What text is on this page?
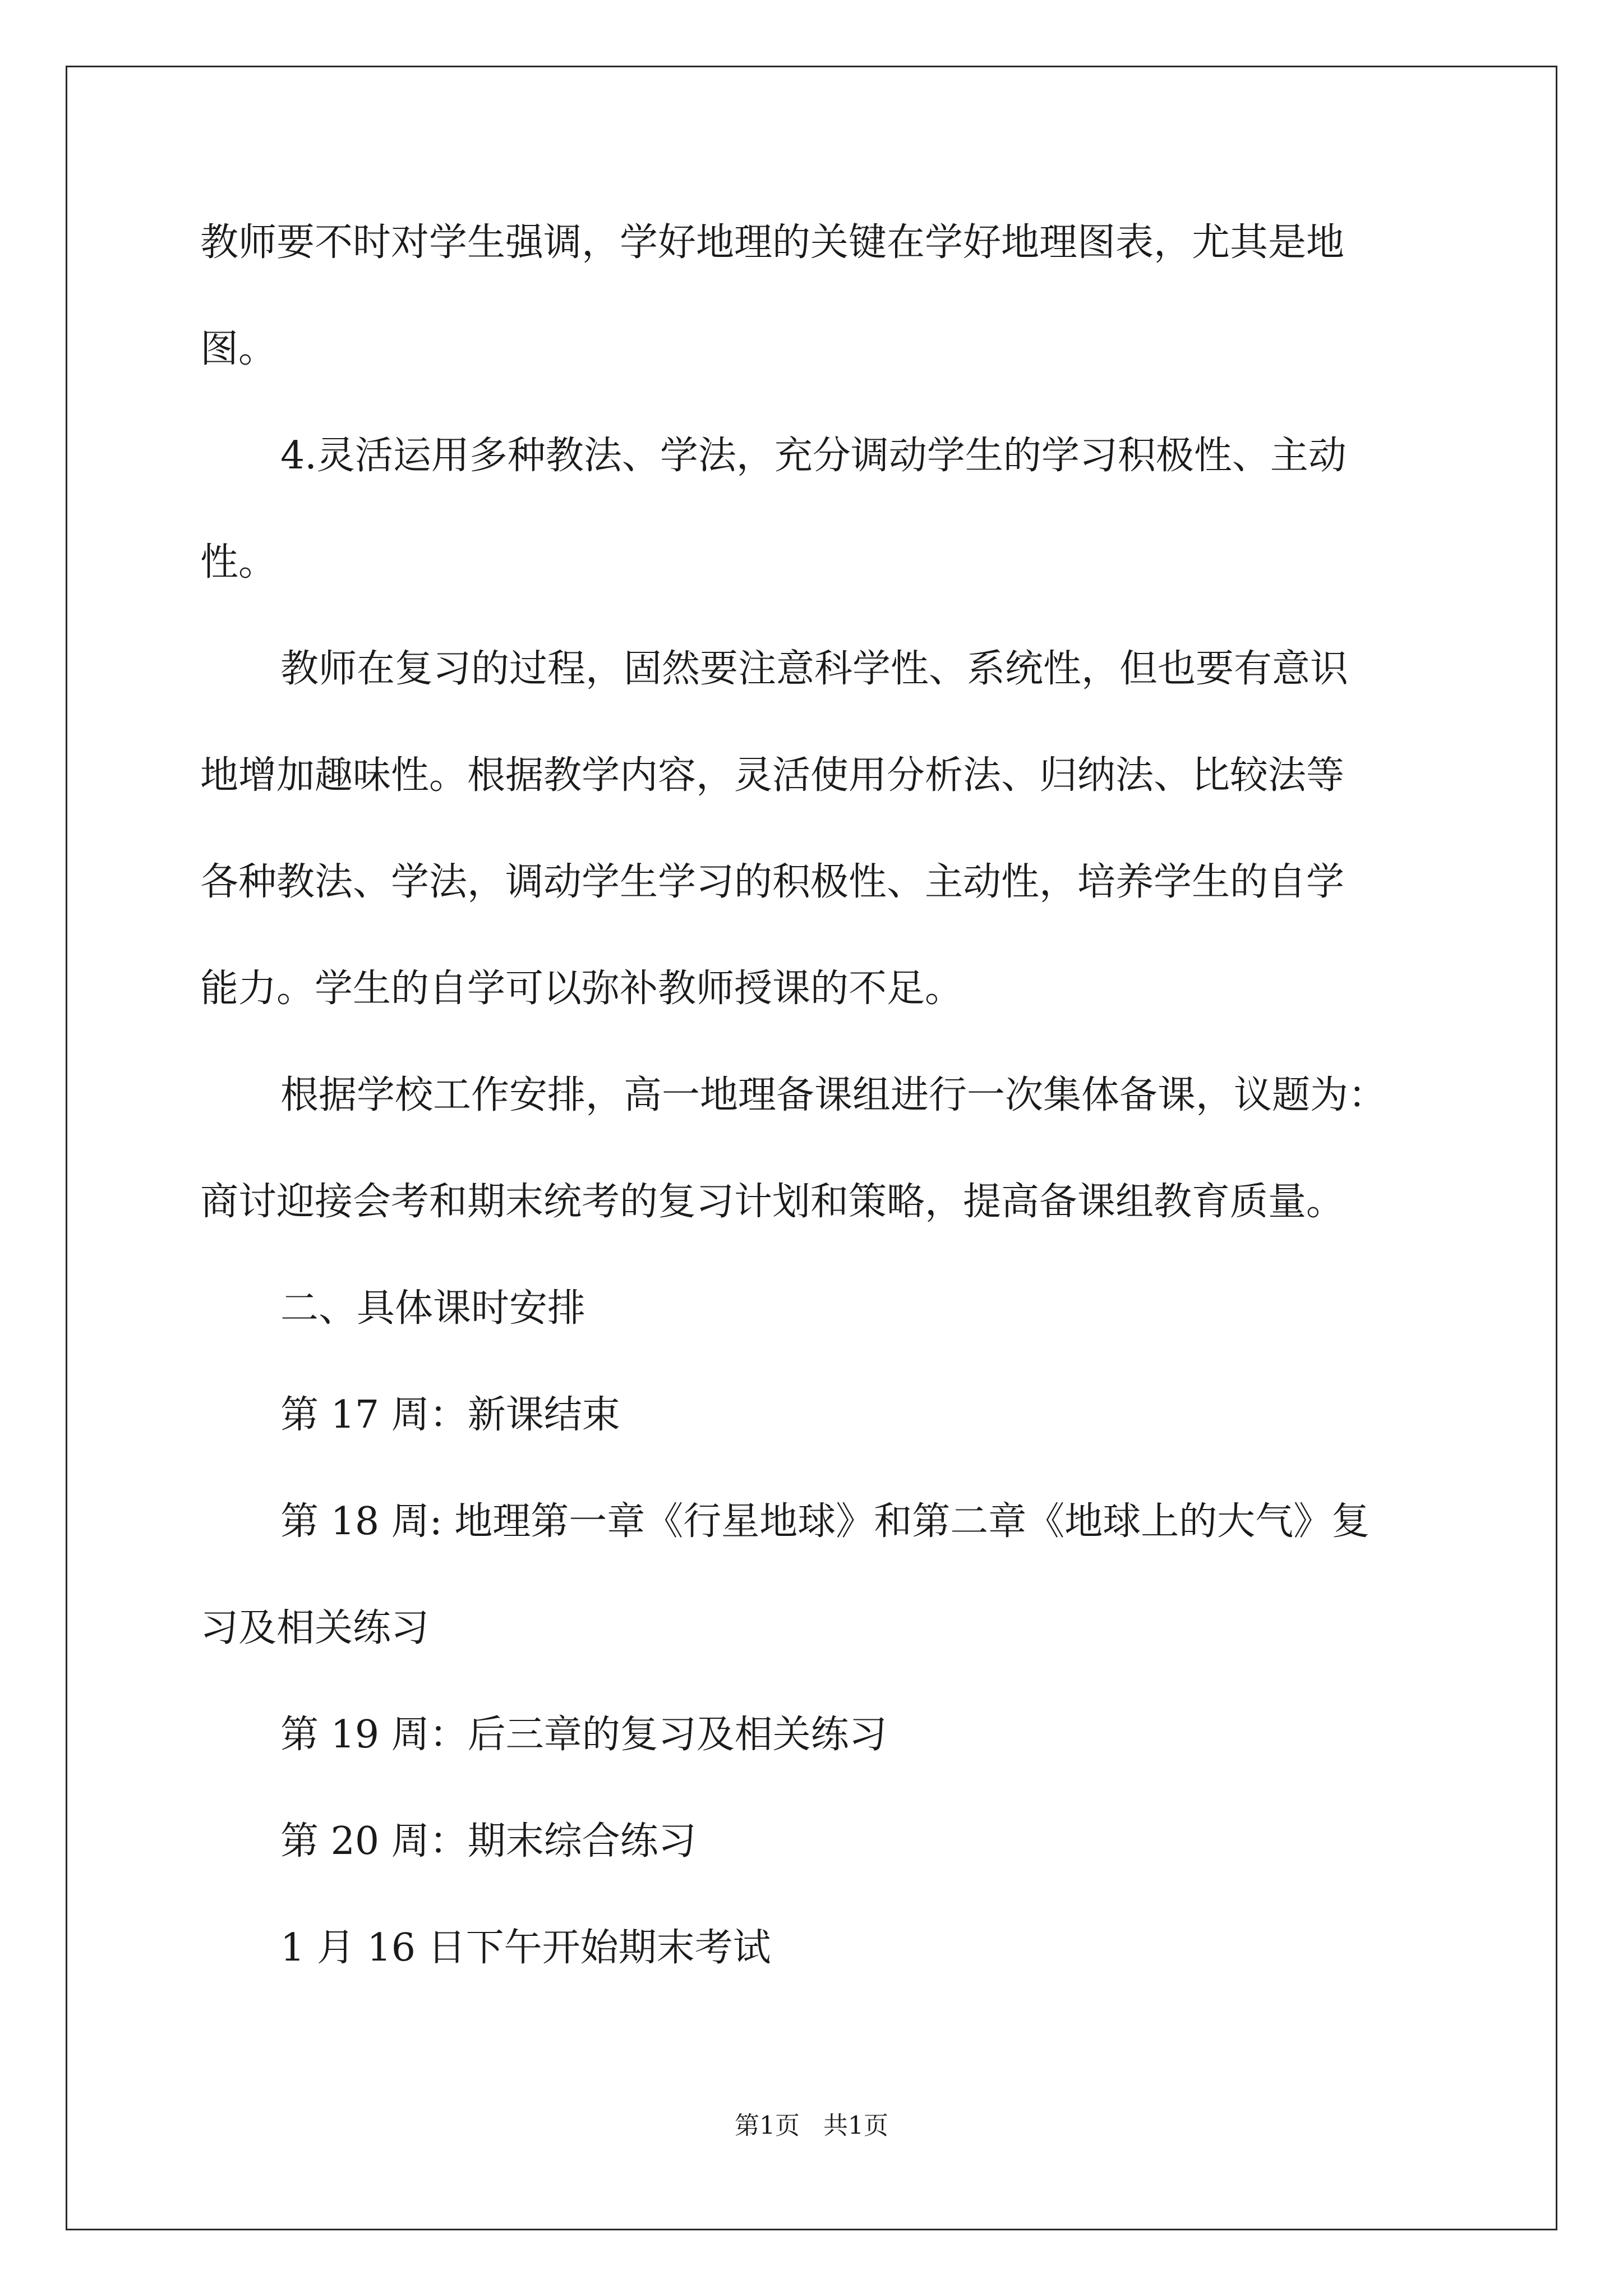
教师要不时对学生强调，学好地理的关键在学好地理图表，尤其是地
图。
4.灵活运用多种教法、学法，充分调动学生的学习积极性、主动
性。
教师在复习的过程，固然要注意科学性、系统性，但也要有意识
地增加趣味性。根据教学内容，灵活使用分析法、归纳法、比较法等
各种教法、学法，调动学生学习的积极性、主动性，培养学生的自学
能力。学生的自学可以弥补教师授课的不足。
根据学校工作安排，高一地理备课组进行一次集体备课，议题为：
商讨迎接会考和期末统考的复习计划和策略，提高备课组教育质量。
二、具体课时安排
第 17 周：新课结束
第 18 周: 地理第一章《行星地球》和第二章《地球上的大气》复
习及相关练习
第 19 周：后三章的复习及相关练习
第 20 周：期末综合练习
1 月 16 日下午开始期末考试
第1页   共1页
